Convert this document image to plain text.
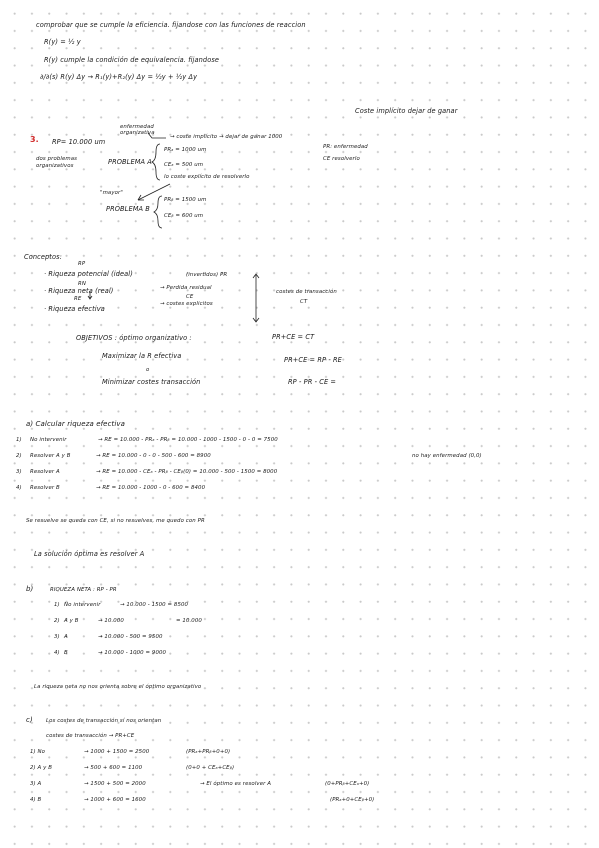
comprobar que se cumple la eficiencia. fijandose con las funciones de reaccion
R(y) = ½ y
R(y) cumple la condición de equivalencia. fijandose
∂/∂(s) R(y) Δy → R₁(y)+R₂(y) Δy = ½y + ½y Δy
Coste implícito dejar de ganar
3. RP= 10.000 um
enfermedad organizativa
→ coste implícito → dejar de ganar 1000
dos problemas organizativos	PROBLEMA A
PRₐ = 1000 um
CEₐ = 500 um
lo coste explícito de resolverlo
PR: enfermedad
CE resolverlo
"mayor"
PROBLEMA B
PRᵦ = 1500 um
CEᵦ = 600 um
Conceptos:
RP
· Riqueza potencial (ideal)	(invertidos) PR
RN
· Riqueza neta (real)	→ Perdida residual
RE	CE
→ costes explicitos
· Riqueza efectiva
costes de transacción
CT
OBJETIVOS : óptimo organizativo :
Maximizar la R efectiva
o
Minimizar costes transacción
PR+CE = CT
PR+CE = RP - RE
RP - PR - CE =
a) Calcular riqueza efectiva
1) No intervenir	→ RE = 10.000 - PRₐ - PRᵦ = 10.000 - 1000 - 1500 - 0 - 0 = 7500
2) Resolver A y B	→ RE = 10.000 - 0 - 0 - 500 - 600 = 8900	no hay enfermedad (0,0)
3) Resolver A	→ RE = 10.000 - CEₐ - PRᵦ - CEᵦ(0) = 10.000 - 500 - 1500 = 8000
4) Resolver B	→ RE = 10.000 - 1000 - 0 - 600 = 8400
Se resuelve se queda con CE, si no resuelves, me quedo con PR
La solución óptima es resolver A
b)	RIQUEZA NETA : RP - PR
1) No intervenir	→ 10.000 - 1500 = 8500
2) A y B	→ 10.000	= 10.000
3) A	→ 10.000 - 500 = 9500
4) B	→ 10.000 - 1000 = 9000
La riqueza neta no nos orienta sobre el óptimo organizativo
c) Los costes de transacción sí nos orientan
costes de transacción → PR+CE
1) No	→ 1000 + 1500 = 2500	(PRₐ+PRᵦ+0+0)
2) A y B	→ 500 + 600 = 1100	(0+0 + CEₐ+CEᵦ)
3) A	→ 1500 + 500 = 2000	→ El óptimo es resolver A	(0+PRᵦ+CEₐ+0)
4) B	→ 1000 + 600 = 1600	(PRₐ+0+CEᵦ+0)
